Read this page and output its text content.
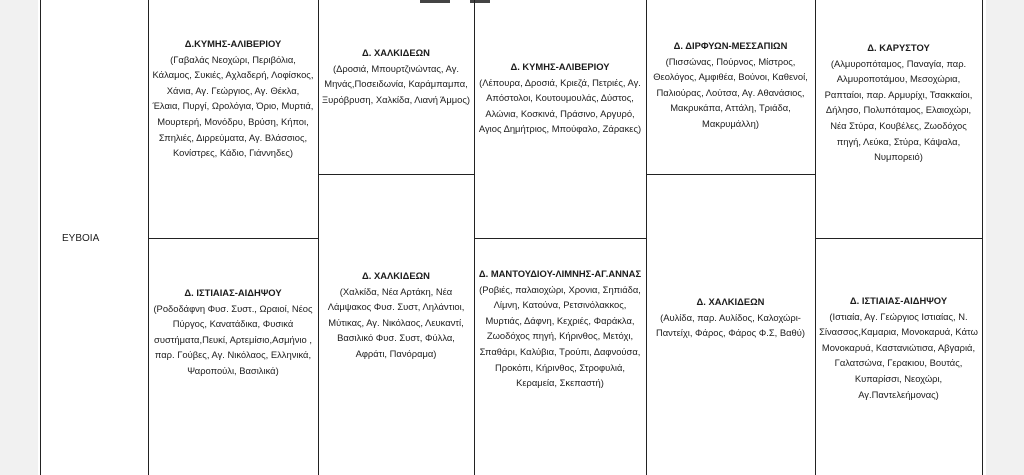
ΕΥΒΟΙΑ
Δ.ΚΥΜΗΣ-ΑΛΙΒΕΡΙΟΥ
(Γαβαλάς Νεοχώρι, Περιβόλια, Κάλαμος, Συκιές, Αχλαδερή, Λοφίσκος, Χάνια, Αγ. Γεώργιος, Αγ. Θέκλα, Έλαια, Πυργί, Ωρολόγια, Όριο, Μυρτιά, Μουρτερή, Μονόδρυ, Βρύση, Κήποι, Σπηλιές, Διρρεύματα, Αγ. Βλάσσιος, Κονίστρες, Κάδιο, Γιάννηδες)
Δ. ΙΣΤΙΑΙΑΣ-ΑΙΔΗΨΟΥ
(Ροδοδάφνη Φυσ. Συστ., Ωραιοί, Νέος Πύργος, Κανατάδικα, Φυσικά συστήματα,Πευκί, Αρτεμίσιο,Ασμήνιο , παρ. Γούβες, Αγ. Νικόλαος, Ελληνικά, Ψαροπούλι, Βασιλικά)
Δ. ΧΑΛΚΙΔΕΩΝ
(Δροσιά, Μπουρτζινώντας, Αγ. Μηνάς,Ποσειδωνία, Καράμπαμπα, Ξυρόβρυση, Χαλκίδα, Λιανή Άμμος)
Δ. ΧΑΛΚΙΔΕΩΝ
(Χαλκίδα, Νέα Αρτάκη, Νέα Λάμψακος Φυσ. Συστ, Ληλάντιοι, Μύτικας, Αγ. Νικόλαος, Λευκαντί, Βασιλικό Φυσ. Συστ, Φύλλα, Αφράτι, Πανόραμα)
Δ. ΚΥΜΗΣ-ΑΛΙΒΕΡΙΟΥ
(Λέπουρα, Δροσιά, Κριεζά, Πετριές, Αγ. Απόστολοι, Κουτουμουλάς, Δύστος, Αλώνια, Κοσκινά, Πράσινο, Αργυρό, Αγιος Δημήτριος, Μπούφαλο, Ζάρακες)
Δ. ΜΑΝΤΟΥΔΙΟΥ-ΛΙΜΝΗΣ-ΑΓ.ΑΝΝΑΣ
(Ροβιές, παλαιοχώρι, Χρονια, Σηπιάδα, Λίμνη, Κατούνα, Ρετσινόλακκος, Μυρτιάς, Δάφνη, Κεχριές, Φαράκλα, Ζωοδόχος πηγή, Κήρινθος, Μετόχι, Σπαθάρι, Καλύβια, Τρούπι, Δαφνούσα, Προκόπι, Κήρινθος, Στροφυλιά, Κεραμεία, Σκεπαστή)
Δ. ΔΙΡΦΥΩΝ-ΜΕΣΣΑΠΙΩΝ
(Πισσώνας, Πούρνος, Μίστρος, Θεολόγος, Αμφιθέα, Βούνοι, Καθενοί, Παλιούρας, Λούτσα, Αγ. Αθανάσιος, Μακρυκάπα, Αττάλη, Τριάδα, Μακρυμάλλη)
Δ. ΧΑΛΚΙΔΕΩΝ
(Αυλίδα, παρ. Αυλίδος, Καλοχώρι-Παντείχι, Φάρος, Φάρος Φ.Σ, Βαθύ)
Δ. ΚΑΡΥΣΤΟΥ
(Αλμυροπόταμος, Παναγία, παρ. Αλμυροποτάμου, Μεσοχώρια, Ραπταίοι, παρ. Αρμυρίχι, Τσακκαίοι, Δήλησο, Πολυπόταμος, Ελαιοχώρι, Νέα Στύρα, Κουβέλες, Ζωοδόχος πηγή, Λεύκα, Στύρα, Κάψαλα, Νυμπορειό)
Δ. ΙΣΤΙΑΙΑΣ-ΑΙΔΗΨΟΥ
(Ιστιαία, Αγ. Γεώργιος Ιστιαίας, Ν. Σίνασσος,Καμαρια, Μονοκαρυά, Κάτω Μονοκαρυά, Καστανιώτισα, Αβγαριά, Γαλατσώνα, Γερακιου, Βουτάς, Κυπαρίσσι, Νεοχώρι, Αγ.Παντελεήμονας)
